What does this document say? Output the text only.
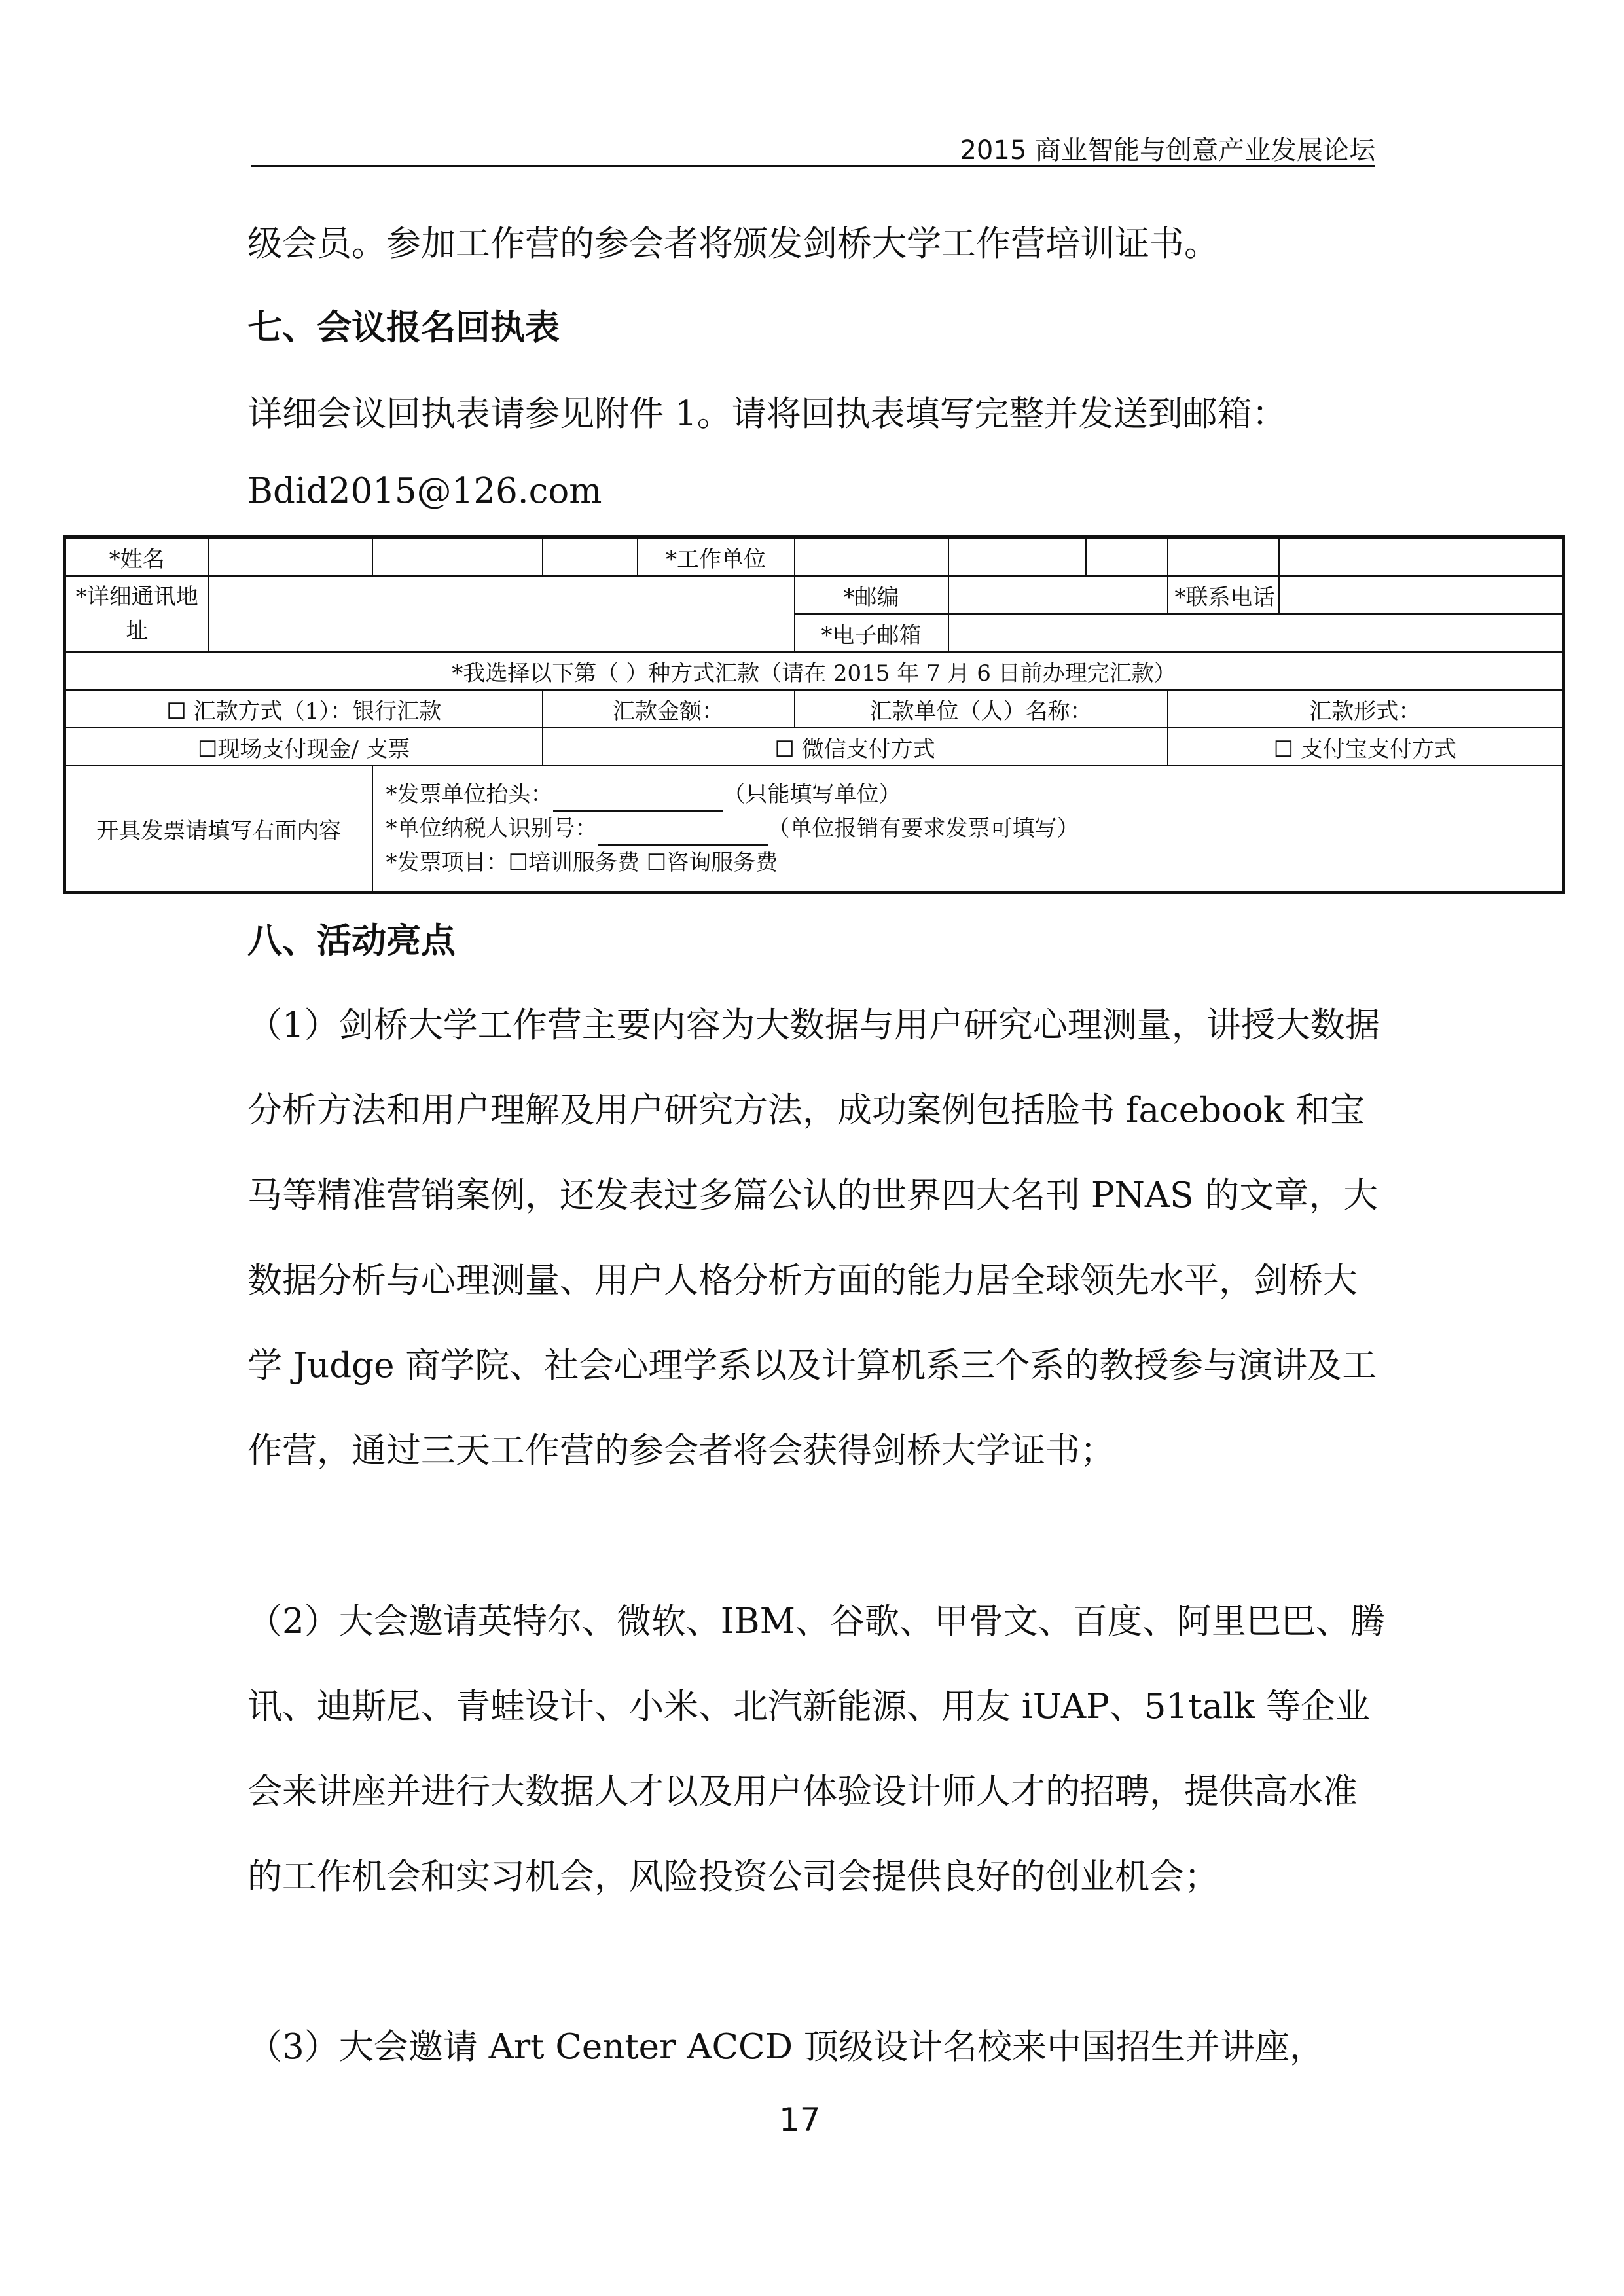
2015 商业智能与创意产业发展论坛
级会员。参加工作营的参会者将颁发剑桥大学工作营培训证书。
七、会议报名回执表
详细会议回执表请参见附件 1。请将回执表填写完整并发送到邮箱：
Bdid2015@126.com
*姓名				*工作单位					
*详细通讯地址					*邮编			*联系电话	
					*电子邮箱				
*我选择以下第（ ）种方式汇款（请在 2015 年 7 月 6 日前办理完汇款）									
☐ 汇款方式（1）：银行汇款			汇款金额：		汇款单位（人）名称：			汇款形式：	
☐现场支付现金/ 支票			☐ 微信支付方式					☐ 支付宝支付方式	
开具发票请填写右面内容		*发票单位抬头： （只能填写单位）
*单位纳税人识别号： （单位报销有要求发票可填写）
*发票项目：☐培训服务费 ☐咨询服务费							
八、活动亮点
（1）剑桥大学工作营主要内容为大数据与用户研究心理测量，讲授大数据分析方法和用户理解及用户研究方法，成功案例包括脸书 facebook 和宝马等精准营销案例，还发表过多篇公认的世界四大名刊 PNAS 的文章，大数据分析与心理测量、用户人格分析方面的能力居全球领先水平，剑桥大学 Judge 商学院、社会心理学系以及计算机系三个系的教授参与演讲及工作营，通过三天工作营的参会者将会获得剑桥大学证书；
（2）大会邀请英特尔、微软、IBM、谷歌、甲骨文、百度、阿里巴巴、腾讯、迪斯尼、青蛙设计、小米、北汽新能源、用友 iUAP、51talk 等企业会来讲座并进行大数据人才以及用户体验设计师人才的招聘，提供高水准的工作机会和实习机会，风险投资公司会提供良好的创业机会；
（3）大会邀请 Art Center ACCD 顶级设计名校来中国招生并讲座，
17
